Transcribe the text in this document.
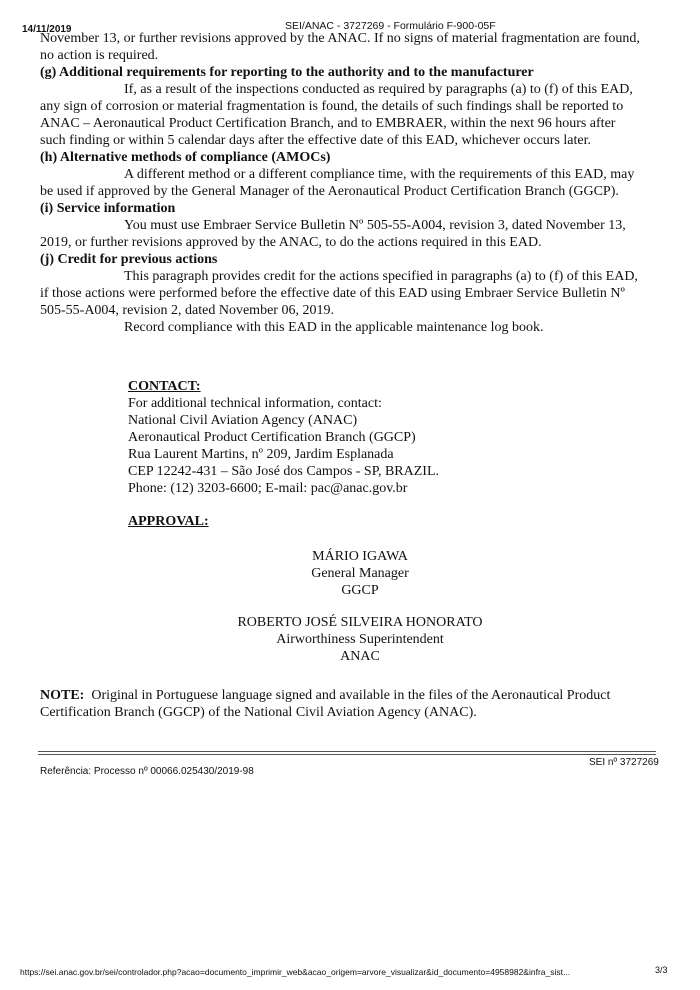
14/11/2019	SEI/ANAC - 3727269 - Formulário F-900-05F

November 13, or further revisions approved by the ANAC. If no signs of material fragmentation are found, no action is required.

(g) Additional requirements for reporting to the authority and to the manufacturer

If, as a result of the inspections conducted as required by paragraphs (a) to (f) of this EAD, any sign of corrosion or material fragmentation is found, the details of such findings shall be reported to ANAC – Aeronautical Product Certification Branch, and to EMBRAER, within the next 96 hours after such finding or within 5 calendar days after the effective date of this EAD, whichever occurs later.

(h) Alternative methods of compliance (AMOCs)

A different method or a different compliance time, with the requirements of this EAD, may be used if approved by the General Manager of the Aeronautical Product Certification Branch (GGCP).

(i) Service information

You must use Embraer Service Bulletin Nº 505-55-A004, revision 3, dated November 13, 2019, or further revisions approved by the ANAC, to do the actions required in this EAD.

(j) Credit for previous actions

This paragraph provides credit for the actions specified in paragraphs (a) to (f) of this EAD, if those actions were performed before the effective date of this EAD using Embraer Service Bulletin Nº 505-55-A004, revision 2, dated November 06, 2019.

Record compliance with this EAD in the applicable maintenance log book.

CONTACT:

For additional technical information, contact:

National Civil Aviation Agency (ANAC)

Aeronautical Product Certification Branch (GGCP)

Rua Laurent Martins, nº 209, Jardim Esplanada

CEP 12242-431 – São José dos Campos - SP, BRAZIL.

Phone: (12) 3203-6600; E-mail: pac@anac.gov.br

APPROVAL:

MÁRIO IGAWA

General Manager

GGCP

ROBERTO JOSÉ SILVEIRA HONORATO

Airworthiness Superintendent

ANAC

NOTE: Original in Portuguese language signed and available in the files of the Aeronautical Product Certification Branch (GGCP) of the National Civil Aviation Agency (ANAC).

Referência: Processo nº 00066.025430/2019-98
SEI nº 3727269
https://sei.anac.gov.br/sei/controlador.php?acao=documento_imprimir_web&acao_origem=arvore_visualizar&id_documento=4958982&infra_sist...	3/3
